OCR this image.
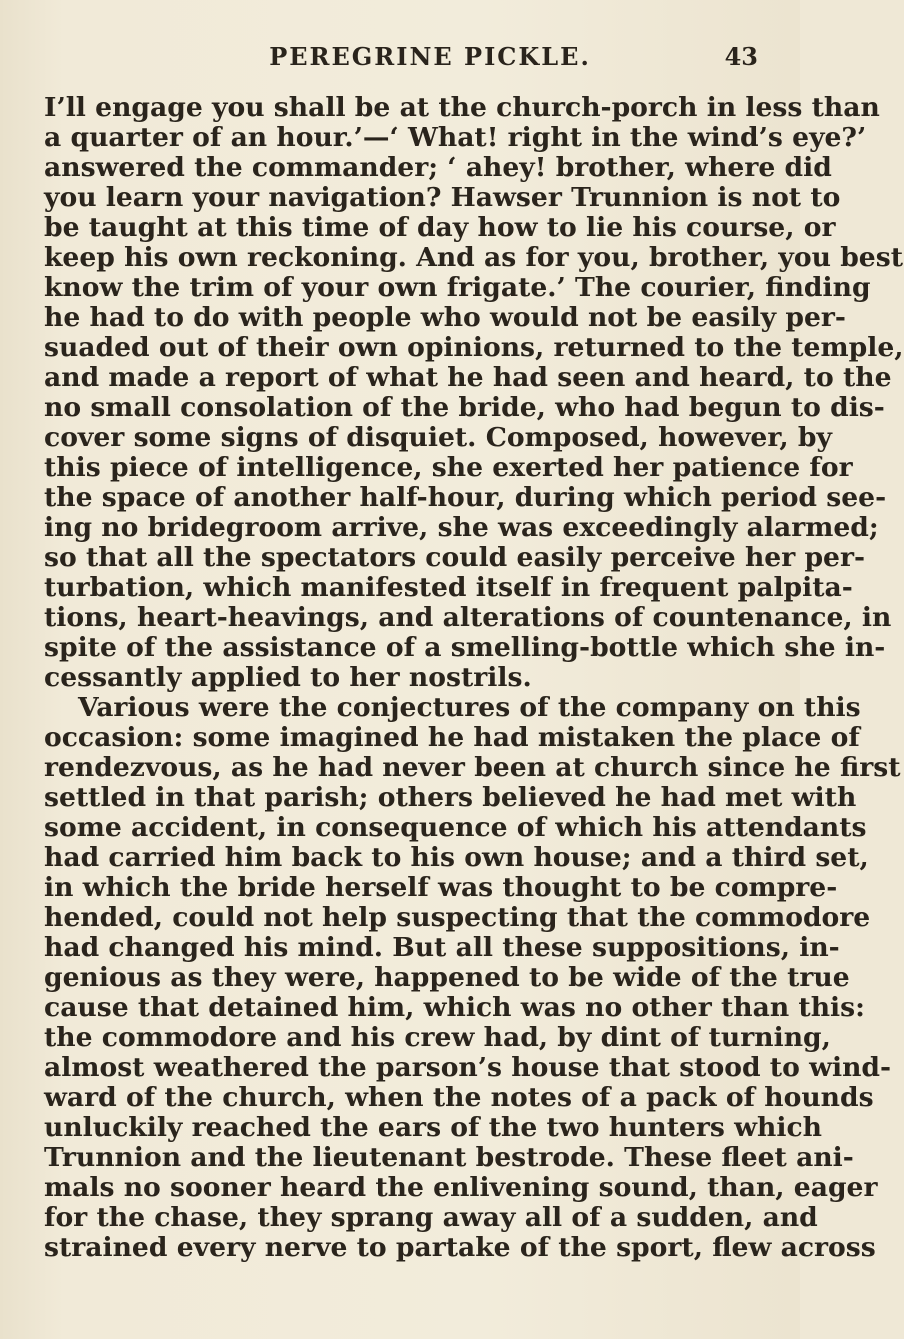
PEREGRINE PICKLE.	43
I’ll engage you shall be at the church-porch in less than
a quarter of an hour.’—‘ What! right in the wind’s eye?’
answered the commander; ‘ ahey! brother, where did
you learn your navigation? Hawser Trunnion is not to
be taught at this time of day how to lie his course, or
keep his own reckoning. And as for you, brother, you best
know the trim of your own frigate.’ The courier, finding
he had to do with people who would not be easily per-
suaded out of their own opinions, returned to the temple,
and made a report of what he had seen and heard, to the
no small consolation of the bride, who had begun to dis-
cover some signs of disquiet. Composed, however, by
this piece of intelligence, she exerted her patience for
the space of another half-hour, during which period see-
ing no bridegroom arrive, she was exceedingly alarmed;
so that all the spectators could easily perceive her per-
turbation, which manifested itself in frequent palpita-
tions, heart-heavings, and alterations of countenance, in
spite of the assistance of a smelling-bottle which she in-
cessantly applied to her nostrils.
Various were the conjectures of the company on this
occasion: some imagined he had mistaken the place of
rendezvous, as he had never been at church since he first
settled in that parish; others believed he had met with
some accident, in consequence of which his attendants
had carried him back to his own house; and a third set,
in which the bride herself was thought to be compre-
hended, could not help suspecting that the commodore
had changed his mind. But all these suppositions, in-
genious as they were, happened to be wide of the true
cause that detained him, which was no other than this:
the commodore and his crew had, by dint of turning,
almost weathered the parson’s house that stood to wind-
ward of the church, when the notes of a pack of hounds
unluckily reached the ears of the two hunters which
Trunnion and the lieutenant bestrode. These fleet ani-
mals no sooner heard the enlivening sound, than, eager
for the chase, they sprang away all of a sudden, and
strained every nerve to partake of the sport, flew across
